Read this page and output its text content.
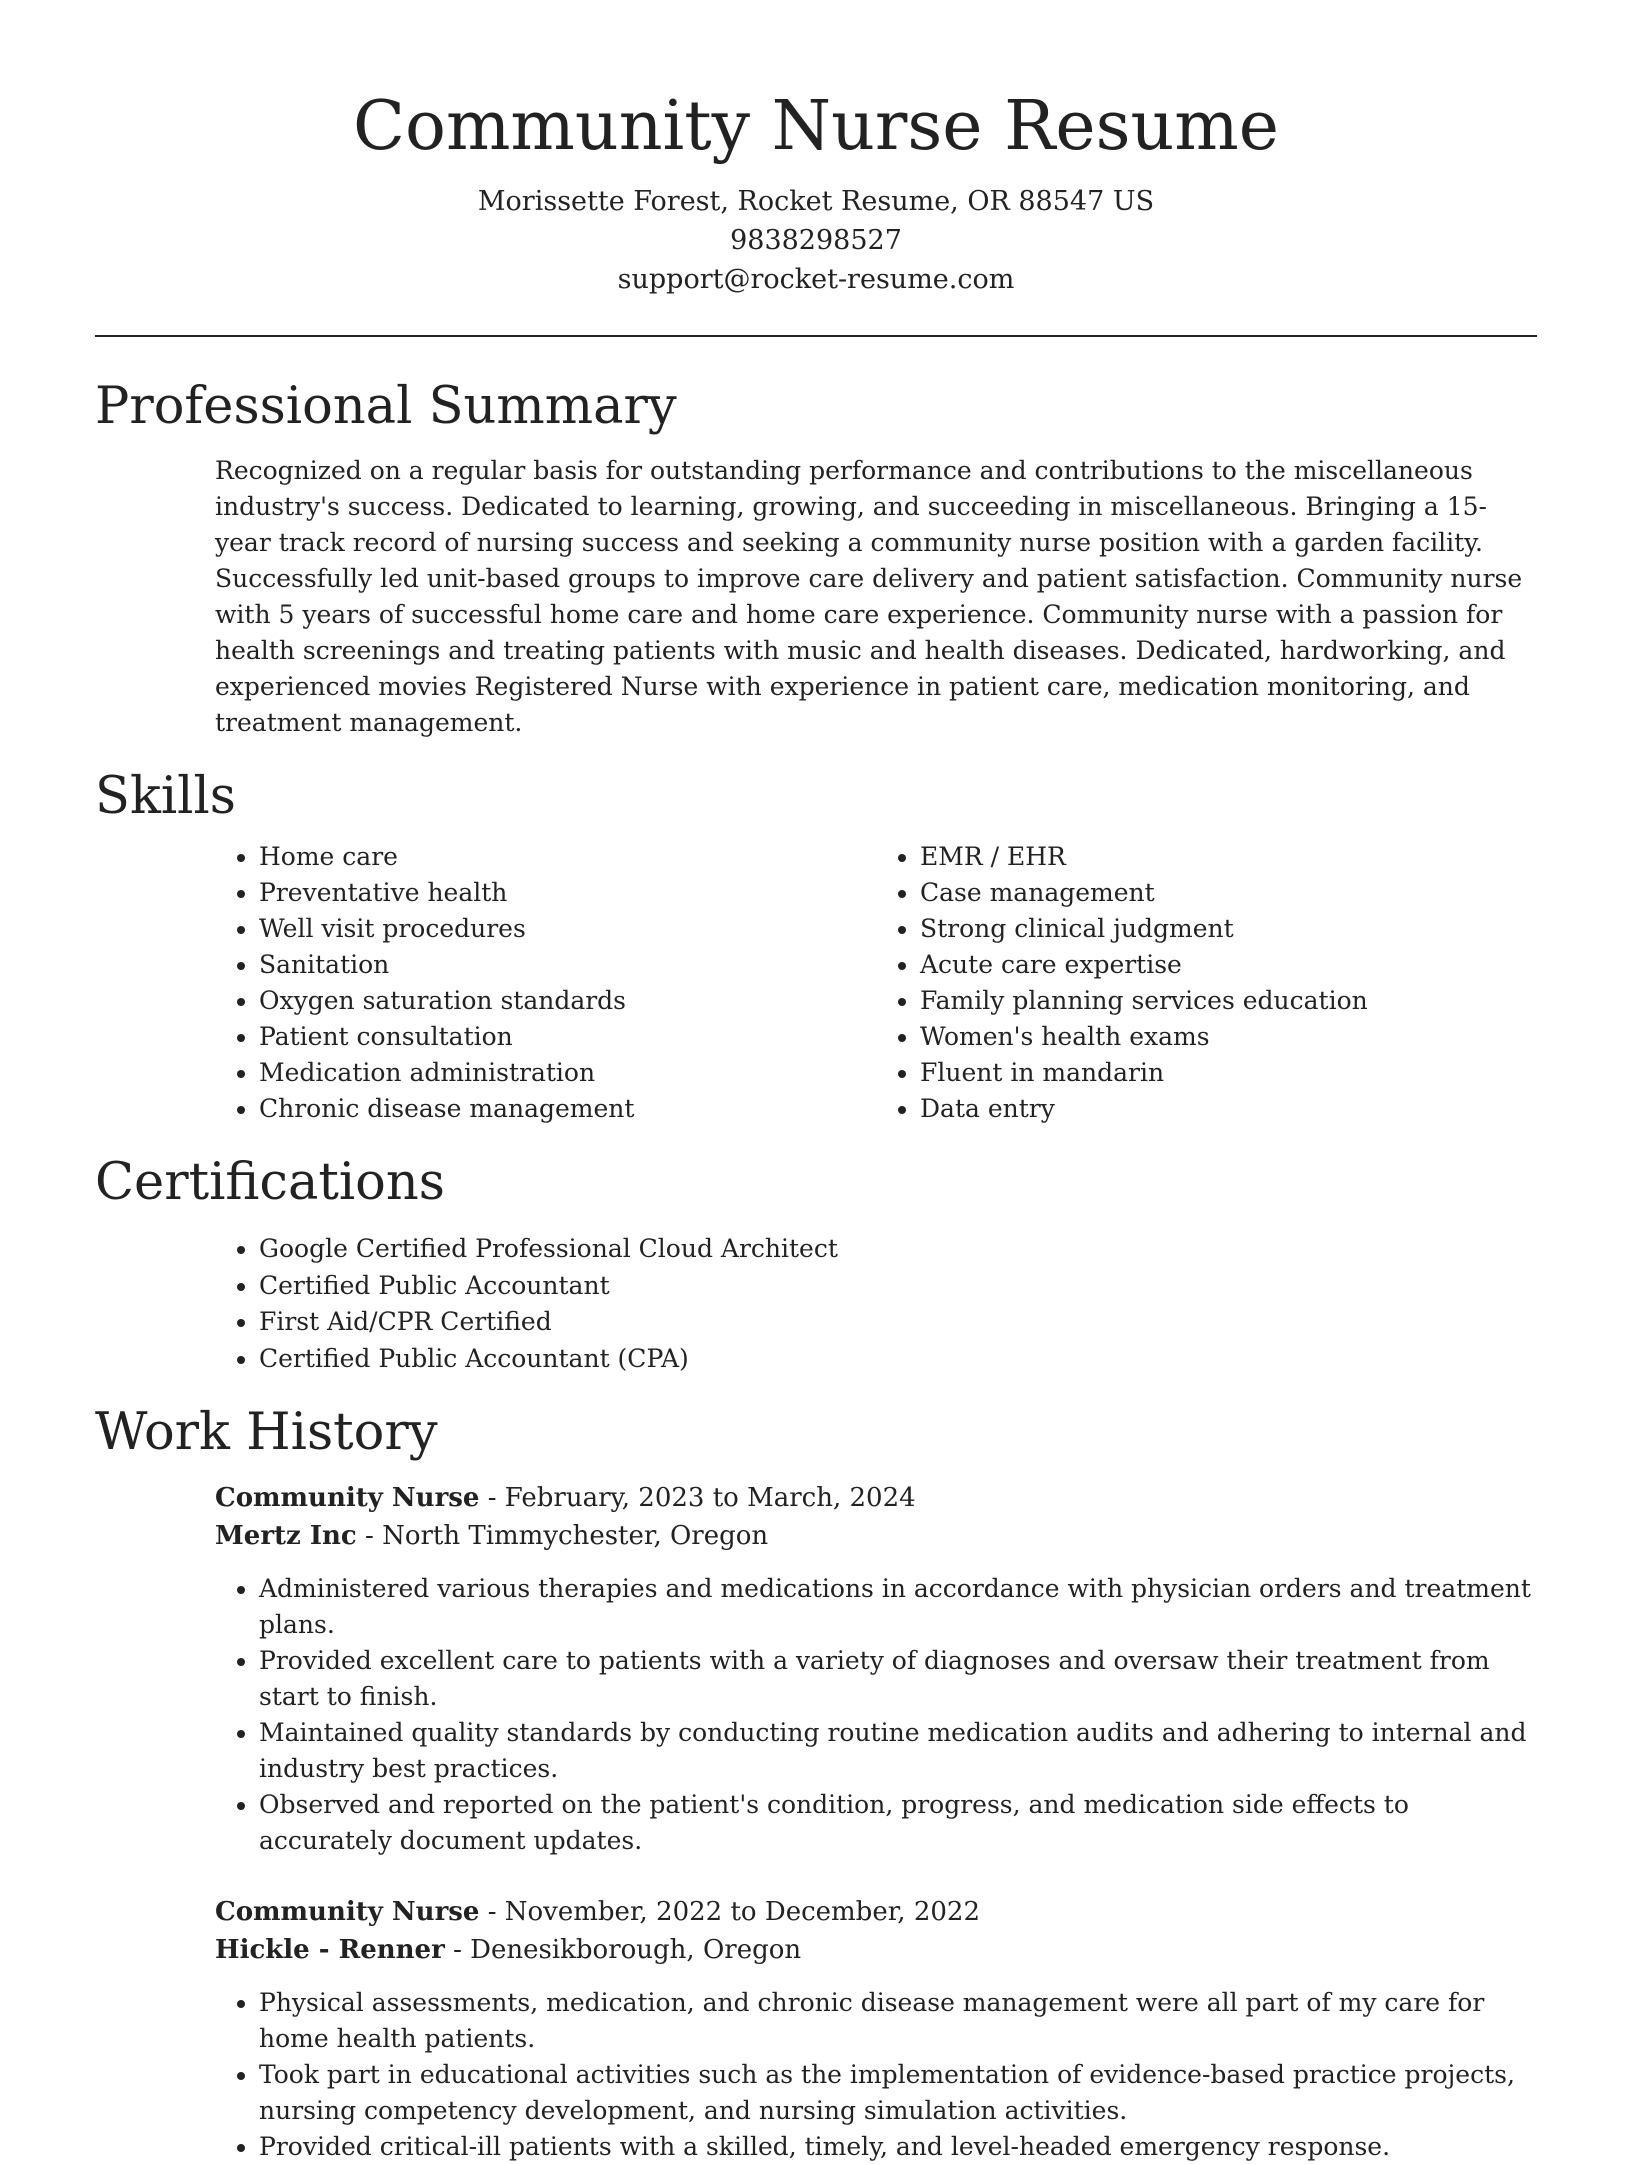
Community Nurse Resume
Morissette Forest, Rocket Resume, OR 88547 US
9838298527
support@rocket-resume.com
Professional Summary

Recognized on a regular basis for outstanding performance and contributions to the miscellaneous industry's success. Dedicated to learning, growing, and succeeding in miscellaneous. Bringing a 15-year track record of nursing success and seeking a community nurse position with a garden facility. Successfully led unit-based groups to improve care delivery and patient satisfaction. Community nurse with 5 years of successful home care and home care experience. Community nurse with a passion for health screenings and treating patients with music and health diseases. Dedicated, hardworking, and experienced movies Registered Nurse with experience in patient care, medication monitoring, and treatment management.

Skills
• Home care
• Preventative health
• Well visit procedures
• Sanitation
• Oxygen saturation standards
• Patient consultation
• Medication administration
• Chronic disease management
• EMR / EHR
• Case management
• Strong clinical judgment
• Acute care expertise
• Family planning services education
• Women's health exams
• Fluent in mandarin
• Data entry
Certifications
• Google Certified Professional Cloud Architect
• Certified Public Accountant
• First Aid/CPR Certified
• Certified Public Accountant (CPA)
Work History
Community Nurse - February, 2023 to March, 2024
Mertz Inc - North Timmychester, Oregon
• Administered various therapies and medications in accordance with physician orders and treatment plans.
• Provided excellent care to patients with a variety of diagnoses and oversaw their treatment from start to finish.
• Maintained quality standards by conducting routine medication audits and adhering to internal and industry best practices.
• Observed and reported on the patient's condition, progress, and medication side effects to accurately document updates.
Community Nurse - November, 2022 to December, 2022
Hickle - Renner - Denesikborough, Oregon
• Physical assessments, medication, and chronic disease management were all part of my care for home health patients.
• Took part in educational activities such as the implementation of evidence-based practice projects, nursing competency development, and nursing simulation activities.
• Provided critical-ill patients with a skilled, timely, and level-headed emergency response.
